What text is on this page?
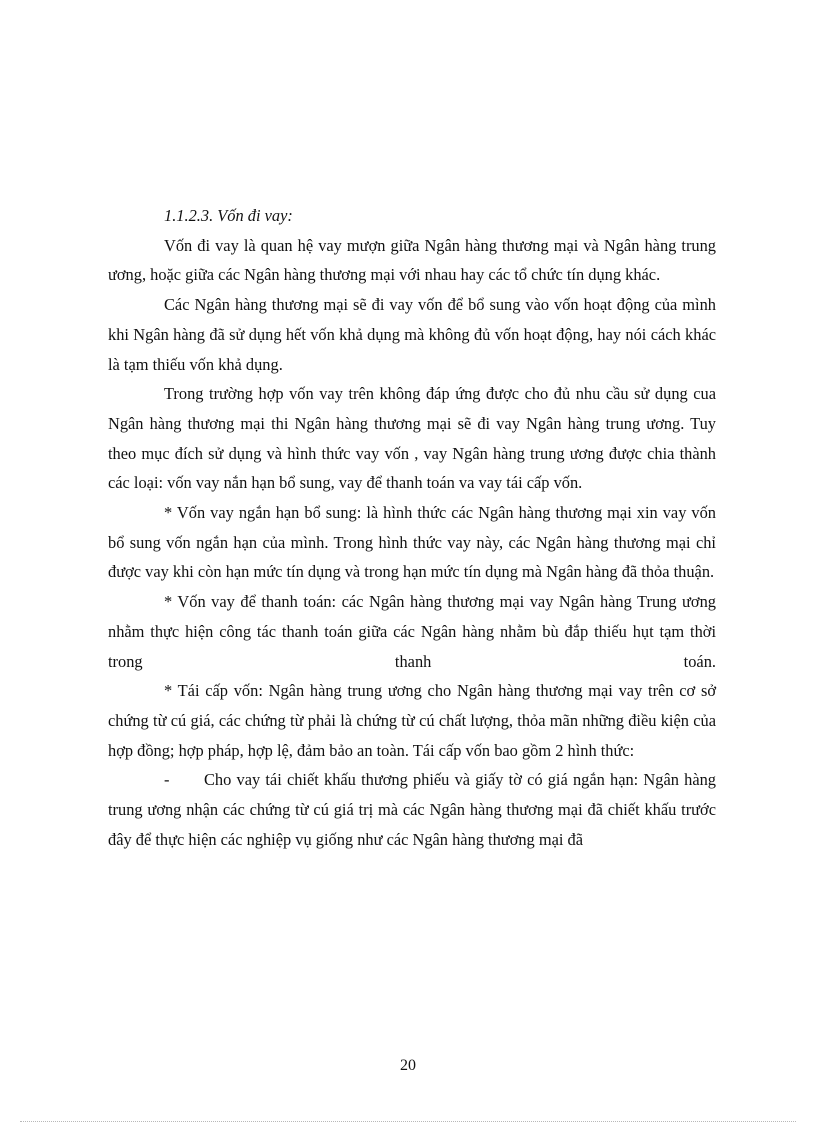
1.1.2.3. Vốn đi vay:

Vốn đi vay là quan hệ vay mượn giữa Ngân hàng thương mại và Ngân hàng trung ương, hoặc giữa các Ngân hàng thương mại với nhau hay các tổ chức tín dụng khác.

Các Ngân hàng thương mại sẽ đi vay vốn để bổ sung vào vốn hoạt động của mình khi Ngân hàng đã sử dụng hết vốn khả dụng mà không đủ vốn hoạt động, hay nói cách khác là tạm thiếu vốn khả dụng.

Trong trường hợp vốn vay trên không đáp ứng được cho đủ nhu cầu sử dụng cua Ngân hàng thương mại thi Ngân hàng thương mại sẽ đi vay Ngân hàng trung ương. Tuy theo mục đích sử dụng và hình thức vay vốn , vay Ngân hàng trung ương được chia thành các loại: vốn vay nắn hạn bổ sung, vay để thanh toán va vay tái cấp vốn.

* Vốn vay ngắn hạn bổ sung: là hình thức các Ngân hàng thương mại xin vay vốn bổ sung vốn ngắn hạn của mình. Trong hình thức vay này, các Ngân hàng thương mại chỉ được vay khi còn hạn mức tín dụng và trong hạn mức tín dụng mà Ngân hàng đã thỏa thuận.

* Vốn vay để thanh toán: các Ngân hàng thương mại vay Ngân hàng Trung ương nhằm thực hiện công tác thanh toán giữa các Ngân hàng nhằm bù đắp thiếu hụt tạm thời trong thanh toán.

* Tái cấp vốn: Ngân hàng trung ương cho Ngân hàng thương mại vay trên cơ sở chứng từ cú giá, các chứng từ phải là chứng từ cú chất lượng, thỏa mãn những điều kiện của hợp đồng; hợp pháp, hợp lệ, đảm bảo an toàn. Tái cấp vốn bao gồm 2 hình thức:

- Cho vay tái chiết khấu thương phiếu và giấy tờ có giá ngắn hạn: Ngân hàng trung ương nhận các chứng từ cú giá trị mà các Ngân hàng thương mại đã chiết khấu trước đây để thực hiện các nghiệp vụ giống như các Ngân hàng thương mại đã

20
